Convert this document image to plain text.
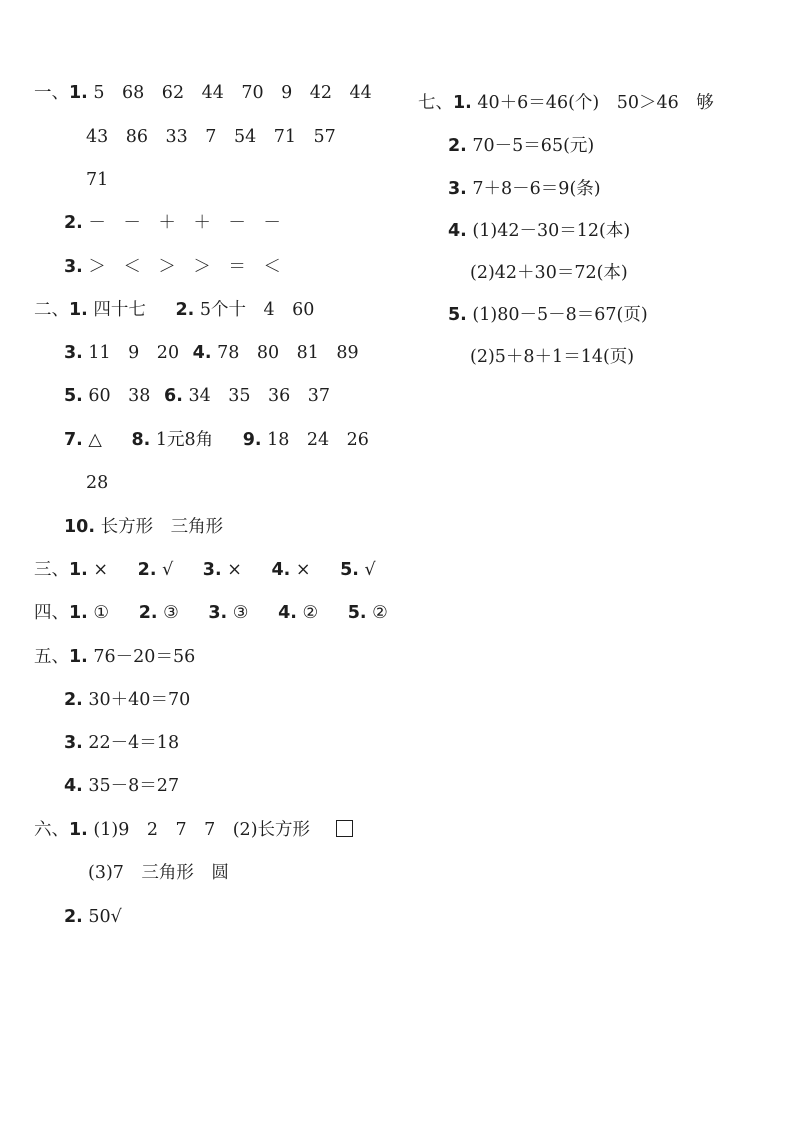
一、1. 5　68　62　44　70　9　42　44
43　86　33　7　54　71　57
71
2. －　－　＋　＋　－　－
3. ＞　＜　＞　＞　＝　＜
二、1. 四十七 2. 5个十　4　60
3. 11　9　20 4. 78　80　81　89
5. 60　38 6. 34　35　36　37
7. △ 8. 1元8角 9. 18　24　26
28
10. 长方形　三角形
三、1. × 2. √ 3. × 4. × 5. √
四、1. ① 2. ③ 3. ③ 4. ② 5. ②
五、1. 76－20＝56
2. 30＋40＝70
3. 22－4＝18
4. 35－8＝27
六、1. (1)9　2　7　7　(2)长方形
(3)7　三角形　圆
2. 50√
七、1. 40＋6＝46(个)　50＞46　够
2. 70－5＝65(元)
3. 7＋8－6＝9(条)
4. (1)42－30＝12(本)
(2)42＋30＝72(本)
5. (1)80－5－8＝67(页)
(2)5＋8＋1＝14(页)
